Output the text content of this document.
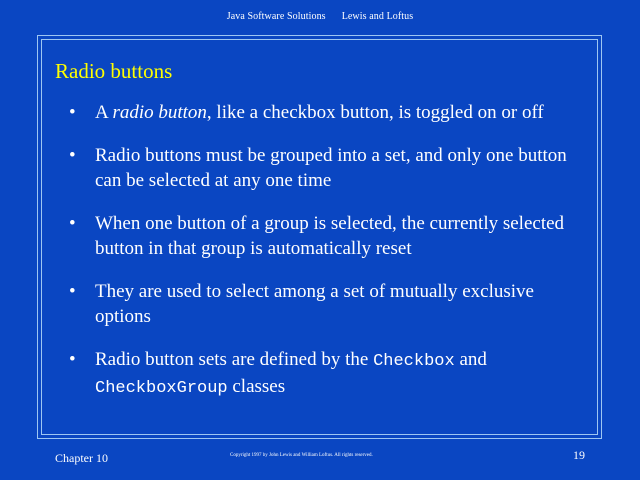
Java Software Solutions Lewis and Loftus
Radio buttons
• A radio button, like a checkbox button, is toggled on or off
• Radio buttons must be grouped into a set, and only one button can be selected at any one time
• When one button of a group is selected, the currently selected button in that group is automatically reset
• They are used to select among a set of mutually exclusive options
• Radio button sets are defined by the Checkbox and CheckboxGroup classes
Chapter 10	Copyright 1997 by John Lewis and William Loftus. All rights reserved.	19
